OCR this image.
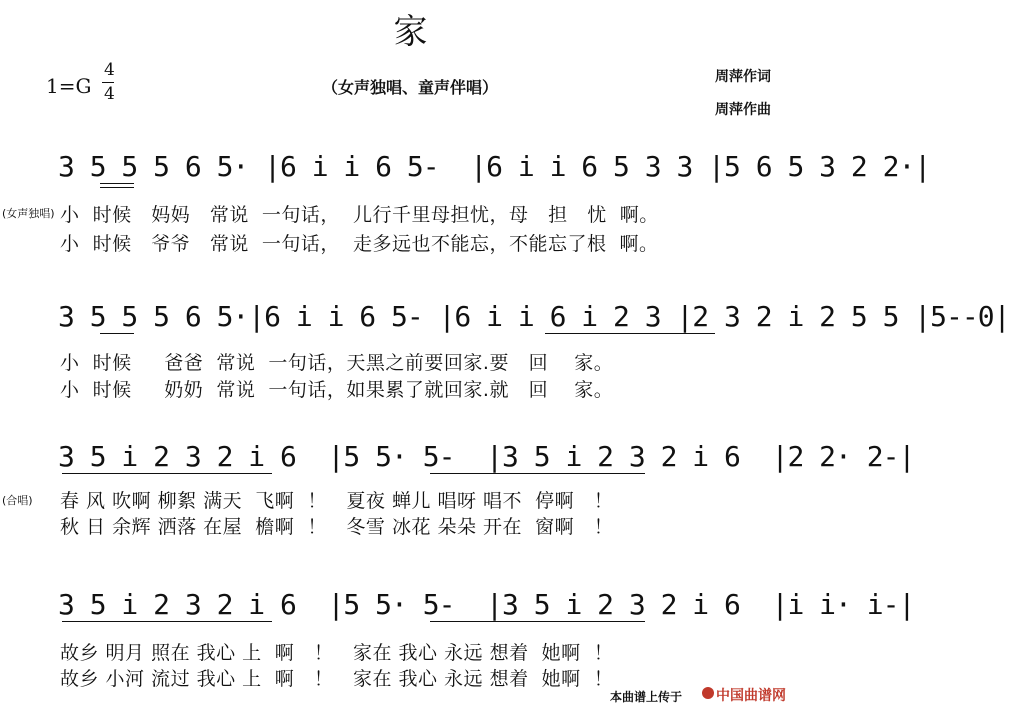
家
1=G
4
4	（女声独唱、童声伴唱）
周萍作词
周萍作曲
3 5 5 5 6 5· |6 i i 6 5-  |6 i i 6 5 3 3 |5 6 5 3 2 2·|
(女声独唱) 小  时候   妈妈   常说  一句话，  儿行千里母担忧，母   担   忧  啊。
小  时候   爷爷   常说  一句话，  走多远也不能忘，不能忘了根  啊。
3 5 5 5 6 5·|6 i i 6 5- |6 i i 6 i 2 3 |2 3 2 i 2 5 5 |5--0|
小  时候     爸爸  常说  一句话，天黑之前要回家.要   回    家。
小  时候     奶奶  常说  一句话，如果累了就回家.就   回    家。
3 5 i 2 3 2 i 6  |5 5· 5-  |3 5 i 2 3 2 i 6  |2 2· 2-|
(合唱) 春 风 吹啊 柳絮 满天  飞啊  ！   夏夜 蝉儿 唱呀 唱不  停啊   ！
秋 日 余辉 洒落 在屋  檐啊  ！   冬雪 冰花 朵朵 开在  窗啊   ！
3 5 i 2 3 2 i 6  |5 5· 5-  |3 5 i 2 3 2 i 6  |i i· i-|
故乡 明月 照在 我心 上  啊   ！   家在 我心 永远 想着  她啊  ！
故乡 小河 流过 我心 上  啊   ！   家在 我心 永远 想着  她啊  ！
本曲谱上传于 中国曲谱网
